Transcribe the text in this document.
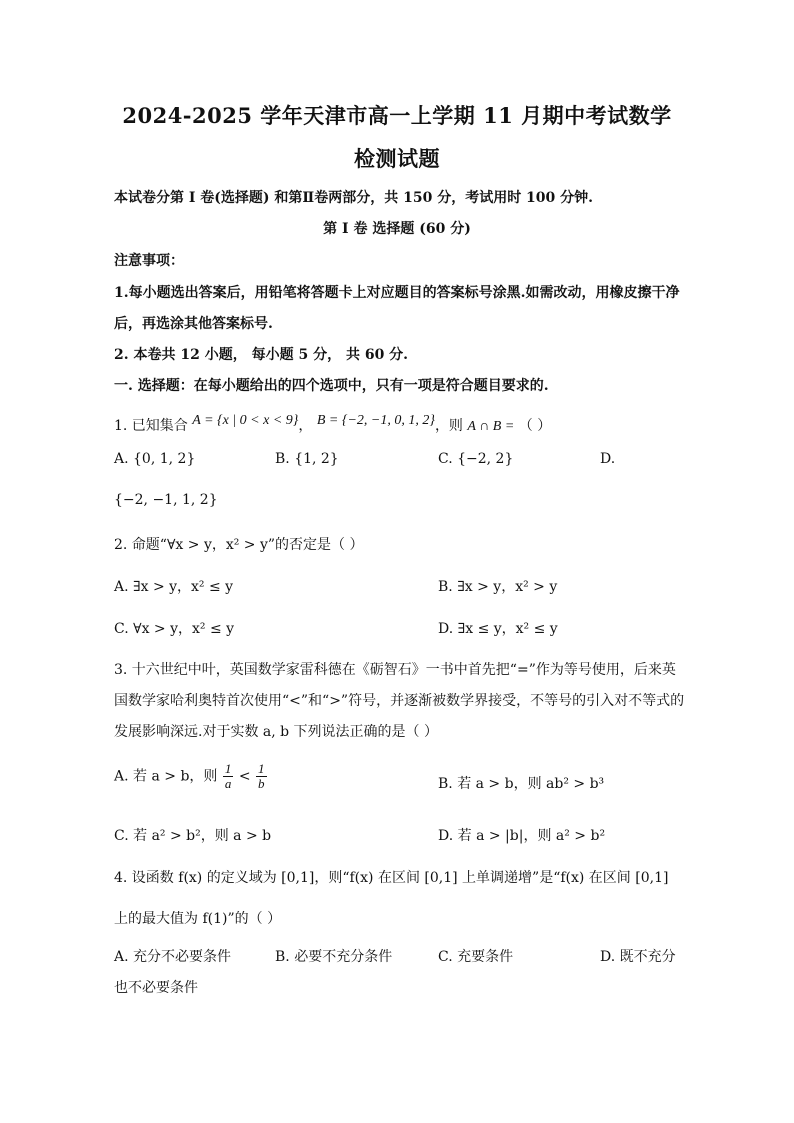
2024-2025 学年天津市高一上学期 11 月期中考试数学
检测试题
本试卷分第 I 卷(选择题) 和第Ⅱ卷两部分，共 150 分，考试用时 100 分钟.
第 I 卷 选择题 (60 分)
注意事项：
1.每小题选出答案后，用铅笔将答题卡上对应题目的答案标号涂黑.如需改动，用橡皮擦干净
后，再选涂其他答案标号.
2. 本卷共 12 小题， 每小题 5 分， 共 60 分.
一. 选择题：在每小题给出的四个选项中，只有一项是符合题目要求的.
1. 已知集合 A = {x | 0 < x < 9}， B = {−2, −1, 0, 1, 2}，则 A ∩ B = （ ）
A. {0, 1, 2}	B. {1, 2}	C. {−2, 2}	D.
{−2, −1, 1, 2}
2. 命题“∀x > y，x² > y”的否定是（ ）
A. ∃x > y，x² ≤ y	B. ∃x > y，x² > y
C. ∀x > y，x² ≤ y	D. ∃x ≤ y，x² ≤ y
3. 十六世纪中叶，英国数学家雷科德在《砺智石》一书中首先把“=”作为等号使用，后来英
国数学家哈利奥特首次使用“<”和“>”符号，并逐渐被数学界接受，不等号的引入对不等式的
发展影响深远.对于实数 a, b 下列说法正确的是（ ）
A. 若 a > b，则 $\frac{1}{a} < \frac{1}{b}$	B. 若 a > b，则 ab² > b³
C. 若 a² > b²，则 a > b	D. 若 a > |b|，则 a² > b²
4. 设函数 f(x) 的定义域为 [0,1]，则“f(x) 在区间 [0,1] 上单调递增”是“f(x) 在区间 [0,1]
上的最大值为 f(1)”的（ ）
A. 充分不必要条件	B. 必要不充分条件	C. 充要条件	D. 既不充分
也不必要条件
